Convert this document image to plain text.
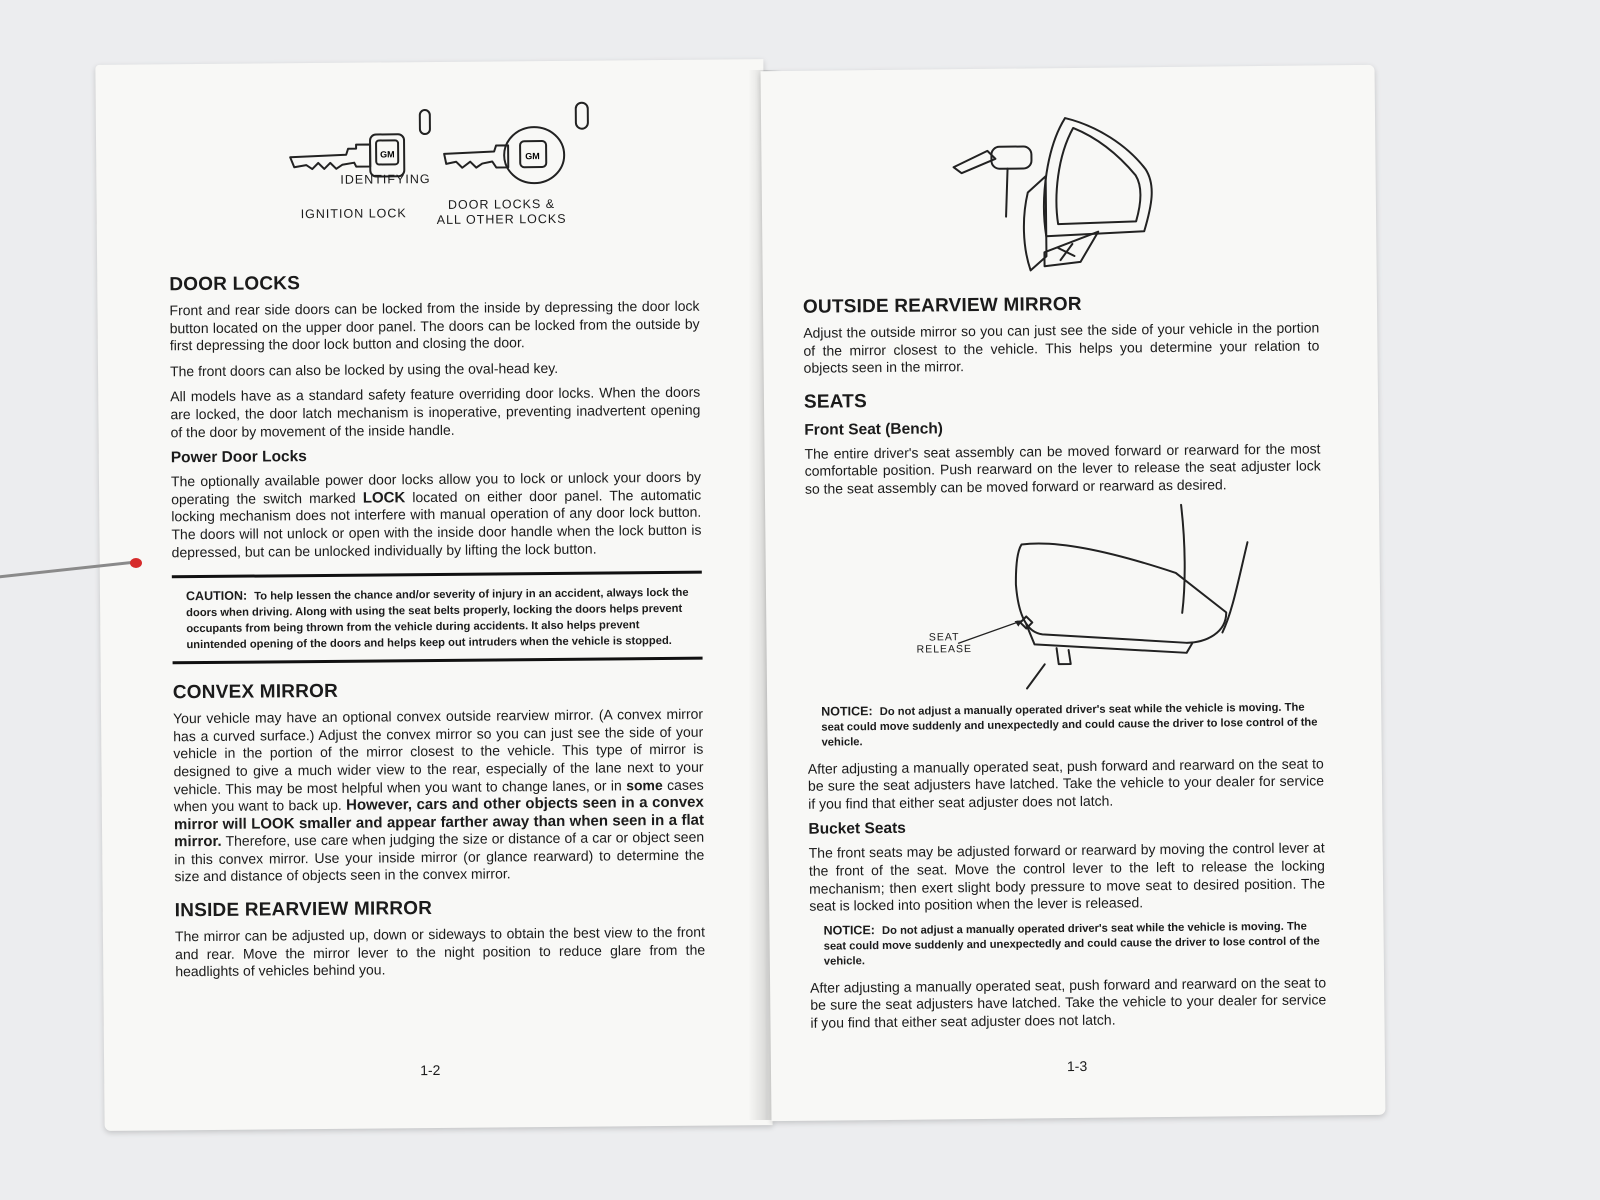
GM	GM
IDENTIFYING
IGNITION LOCK
DOOR LOCKS &
ALL OTHER LOCKS
DOOR LOCKS

Front and rear side doors can be locked from the inside by depressing the door lock button located on the upper door panel. The doors can be locked from the outside by first depressing the door lock button and closing the door.

The front doors can also be locked by using the oval-head key.

All models have as a standard safety feature overriding door locks. When the doors are locked, the door latch mechanism is inoperative, preventing inadvertent opening of the door by movement of the inside handle.

Power Door Locks

The optionally available power door locks allow you to lock or unlock your doors by operating the switch marked LOCK located on either door panel. The automatic locking mechanism does not interfere with manual operation of any door lock button. The doors will not unlock or open with the inside door handle when the lock button is depressed, but can be unlocked individually by lifting the lock button.

CAUTION: To help lessen the chance and/or severity of injury in an accident, always lock the doors when driving. Along with using the seat belts properly, locking the doors helps prevent occupants from being thrown from the vehicle during accidents. It also helps prevent unintended opening of the doors and helps keep out intruders when the vehicle is stopped.
CONVEX MIRROR

Your vehicle may have an optional convex outside rearview mirror. (A convex mirror has a curved surface.) Adjust the convex mirror so you can just see the side of your vehicle in the portion of the mirror closest to the vehicle. This type of mirror is designed to give a much wider view to the rear, especially of the lane next to your vehicle. This may be most helpful when you want to change lanes, or in some cases when you want to back up. However, cars and other objects seen in a convex mirror will LOOK smaller and appear farther away than when seen in a flat mirror. Therefore, use care when judging the size or distance of a car or object seen in this convex mirror. Use your inside mirror (or glance rearward) to determine the size and distance of objects seen in the convex mirror.

INSIDE REARVIEW MIRROR

The mirror can be adjusted up, down or sideways to obtain the best view to the front and rear. Move the mirror lever to the night position to reduce glare from the headlights of vehicles behind you.

1-2
OUTSIDE REARVIEW MIRROR

Adjust the outside mirror so you can just see the side of your vehicle in the portion of the mirror closest to the vehicle. This helps you determine your relation to objects seen in the mirror.

SEATS
Front Seat (Bench)

The entire driver's seat assembly can be moved forward or rearward for the most comfortable position. Push rearward on the lever to release the seat adjuster lock so the seat assembly can be moved forward or rearward as desired.

SEAT
RELEASE
NOTICE: Do not adjust a manually operated driver's seat while the vehicle is moving. The seat could move suddenly and unexpectedly and could cause the driver to lose control of the vehicle.

After adjusting a manually operated seat, push forward and rearward on the seat to be sure the seat adjusters have latched. Take the vehicle to your dealer for service if you find that either seat adjuster does not latch.

Bucket Seats

The front seats may be adjusted forward or rearward by moving the control lever at the front of the seat. Move the control lever to the left to release the locking mechanism; then exert slight body pressure to move seat to desired position. The seat is locked into position when the lever is released.

NOTICE: Do not adjust a manually operated driver's seat while the vehicle is moving. The seat could move suddenly and unexpectedly and could cause the driver to lose control of the vehicle.

After adjusting a manually operated seat, push forward and rearward on the seat to be sure the seat adjusters have latched. Take the vehicle to your dealer for service if you find that either seat adjuster does not latch.

1-3
